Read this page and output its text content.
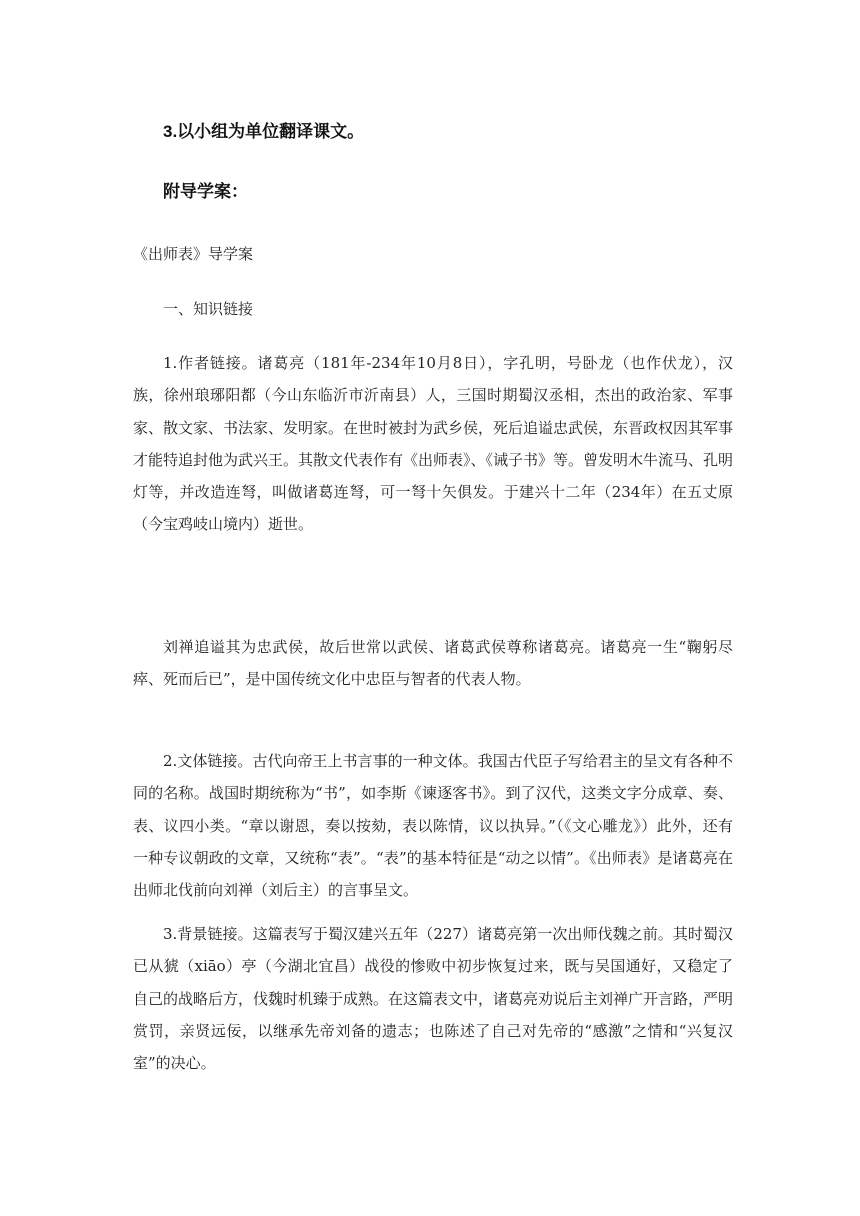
3.以小组为单位翻译课文。
附导学案：
《出师表》导学案
一、知识链接

1.作者链接。诸葛亮（181年-234年10月8日），字孔明，号卧龙（也作伏龙），汉族，徐州琅琊阳都（今山东临沂市沂南县）人，三国时期蜀汉丞相，杰出的政治家、军事家、散文家、书法家、发明家。在世时被封为武乡侯，死后追谥忠武侯，东晋政权因其军事才能特追封他为武兴王。其散文代表作有《出师表》、《诫子书》等。曾发明木牛流马、孔明灯等，并改造连弩，叫做诸葛连弩，可一弩十矢俱发。于建兴十二年（234年）在五丈原（今宝鸡岐山境内）逝世。

刘禅追谥其为忠武侯，故后世常以武侯、诸葛武侯尊称诸葛亮。诸葛亮一生“鞠躬尽瘁、死而后已”，是中国传统文化中忠臣与智者的代表人物。

2.文体链接。古代向帝王上书言事的一种文体。我国古代臣子写给君主的呈文有各种不同的名称。战国时期统称为“书”，如李斯《谏逐客书》。到了汉代，这类文字分成章、奏、表、议四小类。“章以谢恩，奏以按劾，表以陈情，议以执异。”（《文心雕龙》）此外，还有一种专议朝政的文章，又统称“表”。“表”的基本特征是“动之以情”。《出师表》是诸葛亮在出师北伐前向刘禅（刘后主）的言事呈文。

3.背景链接。这篇表写于蜀汉建兴五年（227）诸葛亮第一次出师伐魏之前。其时蜀汉已从猇（xiāo）亭（今湖北宜昌）战役的惨败中初步恢复过来，既与吴国通好，又稳定了自己的战略后方，伐魏时机臻于成熟。在这篇表文中，诸葛亮劝说后主刘禅广开言路，严明赏罚，亲贤远佞，以继承先帝刘备的遗志；也陈述了自己对先帝的“感激”之情和“兴复汉室”的决心。
